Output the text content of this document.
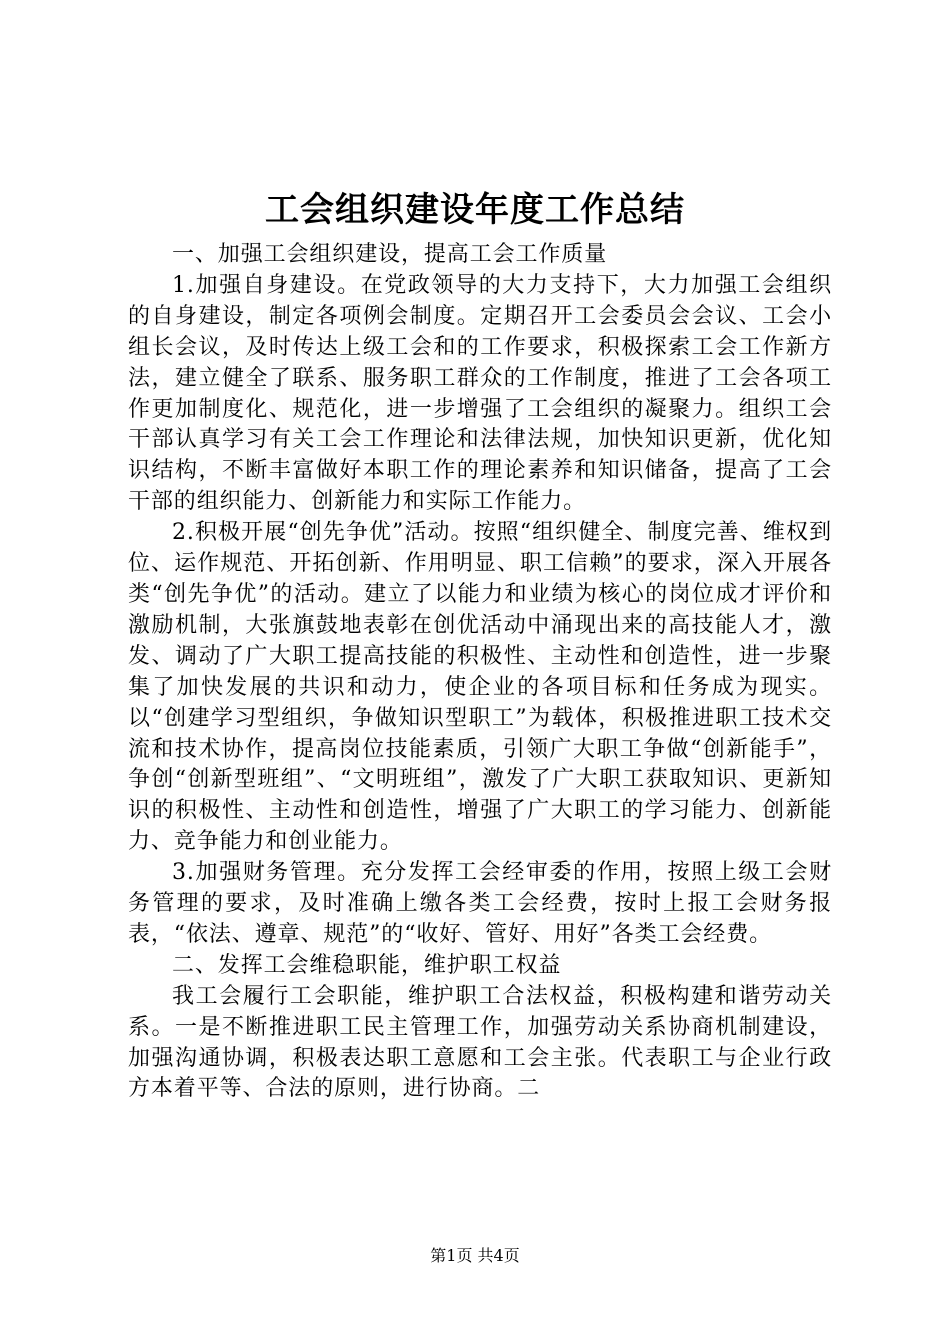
工会组织建设年度工作总结

一、加强工会组织建设，提高工会工作质量

1.加强自身建设。在党政领导的大力支持下，大力加强工会组织的自身建设，制定各项例会制度。定期召开工会委员会会议、工会小组长会议，及时传达上级工会和的工作要求，积极探索工会工作新方法，建立健全了联系、服务职工群众的工作制度，推进了工会各项工作更加制度化、规范化，进一步增强了工会组织的凝聚力。组织工会干部认真学习有关工会工作理论和法律法规，加快知识更新，优化知识结构，不断丰富做好本职工作的理论素养和知识储备，提高了工会干部的组织能力、创新能力和实际工作能力。

2.积极开展“创先争优”活动。按照“组织健全、制度完善、维权到位、运作规范、开拓创新、作用明显、职工信赖”的要求，深入开展各类“创先争优”的活动。建立了以能力和业绩为核心的岗位成才评价和激励机制，大张旗鼓地表彰在创优活动中涌现出来的高技能人才，激发、调动了广大职工提高技能的积极性、主动性和创造性，进一步聚集了加快发展的共识和动力，使企业的各项目标和任务成为现实。以“创建学习型组织，争做知识型职工”为载体，积极推进职工技术交流和技术协作，提高岗位技能素质，引领广大职工争做“创新能手”，争创“创新型班组”、“文明班组”，激发了广大职工获取知识、更新知识的积极性、主动性和创造性，增强了广大职工的学习能力、创新能力、竞争能力和创业能力。

3.加强财务管理。充分发挥工会经审委的作用，按照上级工会财务管理的要求，及时准确上缴各类工会经费，按时上报工会财务报表，“依法、遵章、规范”的“收好、管好、用好”各类工会经费。

二、发挥工会维稳职能，维护职工权益

我工会履行工会职能，维护职工合法权益，积极构建和谐劳动关系。一是不断推进职工民主管理工作，加强劳动关系协商机制建设，加强沟通协调，积极表达职工意愿和工会主张。代表职工与企业行政方本着平等、合法的原则，进行协商。二

第1页 共4页
